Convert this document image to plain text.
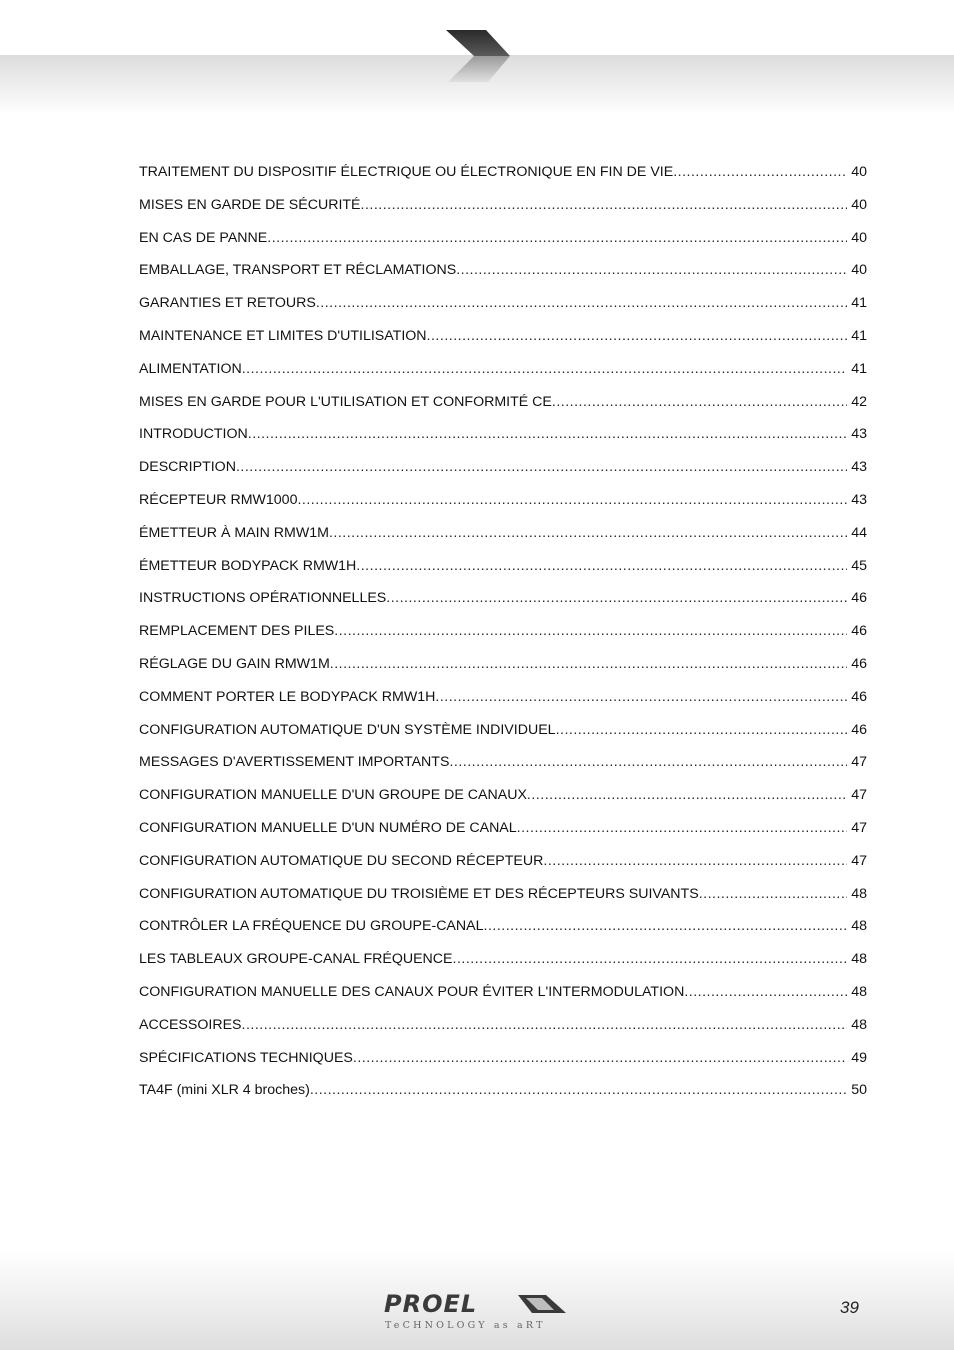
TRAITEMENT DU DISPOSITIF ÉLECTRIQUE OU ÉLECTRONIQUE EN FIN DE VIE .....	40
MISES EN GARDE DE SÉCURITÉ .....	40
EN CAS DE PANNE .....	40
EMBALLAGE, TRANSPORT ET RÉCLAMATIONS .....	40
GARANTIES ET RETOURS .....	41
MAINTENANCE ET LIMITES D'UTILISATION .....	41
ALIMENTATION .....	41
MISES EN GARDE POUR L'UTILISATION ET CONFORMITÉ CE .....	42
INTRODUCTION .....	43
DESCRIPTION .....	43
RÉCEPTEUR RMW1000 .....	43
ÉMETTEUR À MAIN RMW1M .....	44
ÉMETTEUR BODYPACK RMW1H .....	45
INSTRUCTIONS OPÉRATIONNELLES .....	46
REMPLACEMENT DES PILES .....	46
RÉGLAGE DU GAIN RMW1M .....	46
COMMENT PORTER LE BODYPACK RMW1H .....	46
CONFIGURATION AUTOMATIQUE D'UN SYSTÈME INDIVIDUEL .....	46
MESSAGES D'AVERTISSEMENT IMPORTANTS .....	47
CONFIGURATION MANUELLE D'UN GROUPE DE CANAUX .....	47
CONFIGURATION MANUELLE D'UN NUMÉRO DE CANAL .....	47
CONFIGURATION AUTOMATIQUE DU SECOND RÉCEPTEUR .....	47
CONFIGURATION AUTOMATIQUE DU TROISIÈME ET DES RÉCEPTEURS SUIVANTS .....	48
CONTRÔLER LA FRÉQUENCE DU GROUPE-CANAL .....	48
LES TABLEAUX GROUPE-CANAL FRÉQUENCE .....	48
CONFIGURATION MANUELLE DES CANAUX POUR ÉVITER L'INTERMODULATION .....	48
ACCESSOIRES .....	48
SPÉCIFICATIONS TECHNIQUES .....	49
TA4F (mini XLR 4 broches) .....	50
PROEL
TeCHNOLOGY as aRT
39
